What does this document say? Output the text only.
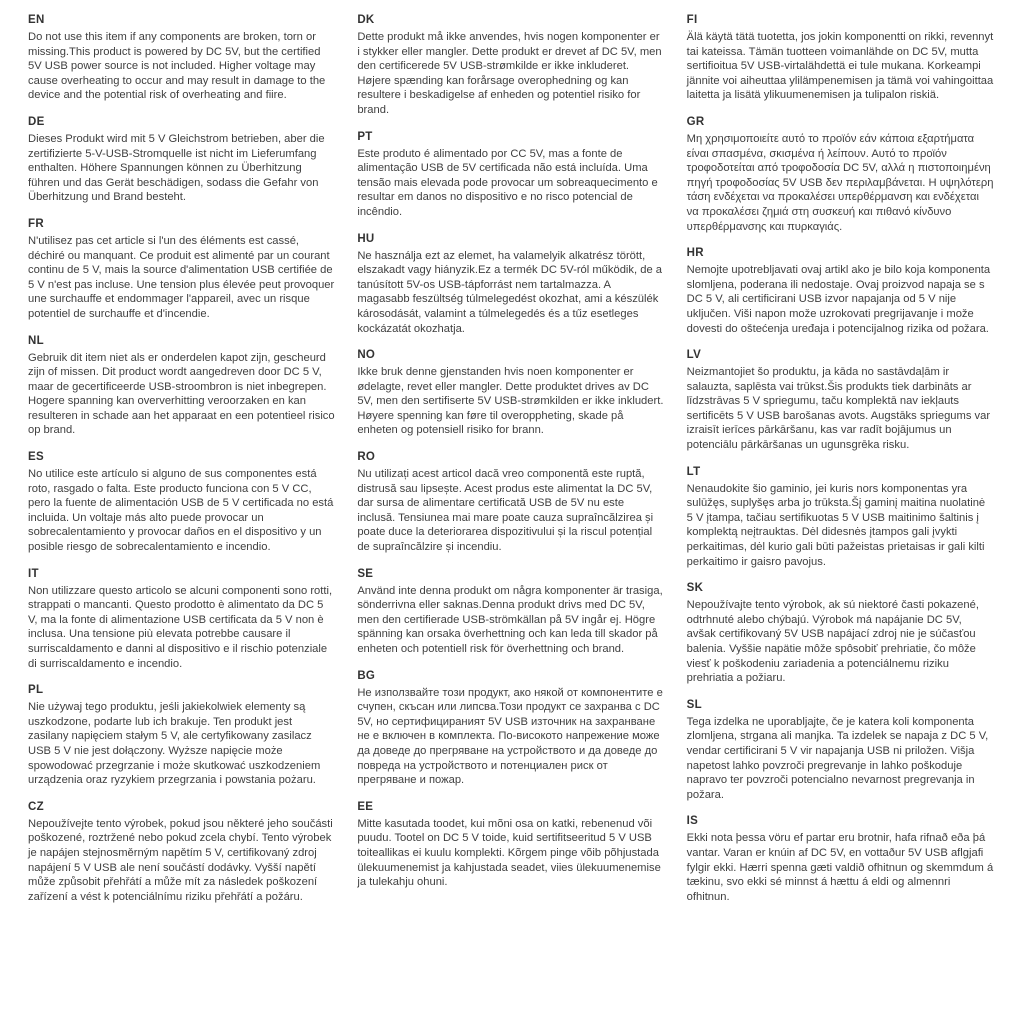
EN

Do not use this item if any components are broken, torn or missing.This product is powered by DC 5V, but the certified 5V USB power source is not included. Higher voltage may cause overheating to occur and may result in damage to the device and the potential risk of overheating and fiire.

DE

Dieses Produkt wird mit 5 V Gleichstrom betrieben, aber die zertifizierte 5-V-USB-Stromquelle ist nicht im Lieferumfang enthalten. Höhere Spannungen können zu Überhitzung führen und das Gerät beschädigen, sodass die Gefahr von Überhitzung und Brand besteht.

FR

N'utilisez pas cet article si l'un des éléments est cassé, déchiré ou manquant. Ce produit est alimenté par un courant continu de 5 V, mais la source d'alimentation USB certifiée de 5 V n'est pas incluse. Une tension plus élevée peut provoquer une surchauffe et endommager l'appareil, avec un risque potentiel de surchauffe et d'incendie.

NL

Gebruik dit item niet als er onderdelen kapot zijn, gescheurd zijn of missen. Dit product wordt aangedreven door DC 5 V, maar de gecertificeerde USB-stroombron is niet inbegrepen. Hogere spanning kan oververhitting veroorzaken en kan resulteren in schade aan het apparaat en een potentieel risico op brand.

ES

No utilice este artículo si alguno de sus componentes está roto, rasgado o falta. Este producto funciona con 5 V CC, pero la fuente de alimentación USB de 5 V certificada no está incluida. Un voltaje más alto puede provocar un sobrecalentamiento y provocar daños en el dispositivo y un posible riesgo de sobrecalentamiento e incendio.

IT

Non utilizzare questo articolo se alcuni componenti sono rotti, strappati o mancanti. Questo prodotto è alimentato da DC 5 V, ma la fonte di alimentazione USB certificata da 5 V non è inclusa. Una tensione più elevata potrebbe causare il surriscaldamento e danni al dispositivo e il rischio potenziale di surriscaldamento e incendio.

PL

Nie używaj tego produktu, jeśli jakiekolwiek elementy są uszkodzone, podarte lub ich brakuje. Ten produkt jest zasilany napięciem stałym 5 V, ale certyfikowany zasilacz USB 5 V nie jest dołączony. Wyższe napięcie może spowodować przegrzanie i może skutkować uszkodzeniem urządzenia oraz ryzykiem przegrzania i powstania pożaru.

CZ

Nepoužívejte tento výrobek, pokud jsou některé jeho součásti poškozené, roztržené nebo pokud zcela chybí. Tento výrobek je napájen stejnosměrným napětím 5 V, certifikovaný zdroj napájení 5 V USB ale není součástí dodávky. Vyšší napětí může způsobit přehřátí a může mít za následek poškození zařízení a vést k potenciálnímu riziku přehřátí a požáru.

DK

Dette produkt må ikke anvendes, hvis nogen komponenter er i stykker eller mangler. Dette produkt er drevet af DC 5V, men den certificerede 5V USB-strømkilde er ikke inkluderet. Højere spænding kan forårsage overophedning og kan resultere i beskadigelse af enheden og potentiel risiko for brand.

PT

Este produto é alimentado por CC 5V, mas a fonte de alimentação USB de 5V certificada não está incluída. Uma tensão mais elevada pode provocar um sobreaquecimento e resultar em danos no dispositivo e no risco potencial de incêndio.

HU

Ne használja ezt az elemet, ha valamelyik alkatrész törött, elszakadt vagy hiányzik.Ez a termék DC 5V-ról működik, de a tanúsított 5V-os USB-tápforrást nem tartalmazza. A magasabb feszültség túlmelegedést okozhat, ami a készülék károsodását, valamint a túlmelegedés és a tűz esetleges kockázatát okozhatja.

NO

Ikke bruk denne gjenstanden hvis noen komponenter er ødelagte, revet eller mangler. Dette produktet drives av DC 5V, men den sertifiserte 5V USB-strømkilden er ikke inkludert. Høyere spenning kan føre til overoppheting, skade på enheten og potensiell risiko for brann.

RO

Nu utilizați acest articol dacă vreo componentă este ruptă, distrusă sau lipsește. Acest produs este alimentat la DC 5V, dar sursa de alimentare certificată USB de 5V nu este inclusă. Tensiunea mai mare poate cauza supraîncălzirea și poate duce la deteriorarea dispozitivului și la riscul potențial de supraîncălzire și incendiu.

SE

Använd inte denna produkt om några komponenter är trasiga, sönderrivna eller saknas.Denna produkt drivs med DC 5V, men den certifierade USB-strömkällan på 5V ingår ej. Högre spänning kan orsaka överhettning och kan leda till skador på enheten och potentiell risk för överhettning och brand.

BG

Не използвайте този продукт, ако някой от компонентите е счупен, скъсан или липсва.Този продукт се захранва с DC 5V, но сертифицираният 5V USB източник на захранване не е включен в комплекта. По-високото напрежение може да доведе до прегряване на устройството и да доведе до повреда на устройството и потенциален риск от прегряване и пожар.

EE

Mitte kasutada toodet, kui mõni osa on katki, rebenenud või puudu. Tootel on DC 5 V toide, kuid sertifitseeritud 5 V USB toiteallikas ei kuulu komplekti. Kõrgem pinge võib põhjustada ülekuumenemist ja kahjustada seadet, viies ülekuumenemise ja tulekahju ohuni.

FI

Älä käytä tätä tuotetta, jos jokin komponentti on rikki, revennyt tai kateissa. Tämän tuotteen voimanlähde on DC 5V, mutta sertifioitua 5V USB-virtalähdettä ei tule mukana. Korkeampi jännite voi aiheuttaa ylilämpenemisen ja tämä voi vahingoittaa laitetta ja lisätä ylikuumenemisen ja tulipalon riskiä.

GR

Μη χρησιμοποιείτε αυτό το προϊόν εάν κάποια εξαρτήματα είναι σπασμένα, σκισμένα ή λείπουν. Αυτό το προϊόν τροφοδοτείται από τροφοδοσία DC 5V, αλλά η πιστοποιημένη πηγή τροφοδοσίας 5V USB δεν περιλαμβάνεται. Η υψηλότερη τάση ενδέχεται να προκαλέσει υπερθέρμανση και ενδέχεται να προκαλέσει ζημιά στη συσκευή και πιθανό κίνδυνο υπερθέρμανσης και πυρκαγιάς.

HR

Nemojte upotrebljavati ovaj artikl ako je bilo koja komponenta slomljena, poderana ili nedostaje. Ovaj proizvod napaja se s DC 5 V, ali certificirani USB izvor napajanja od 5 V nije uključen. Viši napon može uzrokovati pregrijavanje i može dovesti do oštećenja uređaja i potencijalnog rizika od požara.

LV

Neizmantojiet šo produktu, ja kāda no sastāvdaļām ir salauzta, saplēsta vai trūkst.Šis produkts tiek darbināts ar līdzstrāvas 5 V spriegumu, taču komplektā nav iekļauts sertificēts 5 V USB barošanas avots. Augstāks spriegums var izraisīt ierīces pārkāršanu, kas var radīt bojājumus un potenciālu pārkāršanas un ugunsgrēka risku.

LT

Nenaudokite šio gaminio, jei kuris nors komponentas yra sulūžęs, suplyšęs arba jo trūksta.Šį gaminį maitina nuolatinė 5 V įtampa, tačiau sertifikuotas 5 V USB maitinimo šaltinis į komplektą neįtrauktas. Dėl didesnės įtampos gali įvykti perkaitimas, dėl kurio gali būti pažeistas prietaisas ir gali kilti perkaitimo ir gaisro pavojus.

SK

Nepoužívajte tento výrobok, ak sú niektoré časti pokazené, odtrhnuté alebo chýbajú. Výrobok má napájanie DC 5V, avšak certifikovaný 5V USB napájací zdroj nie je súčasťou balenia. Vyššie napätie môže spôsobiť prehriatie, čo môže viesť k poškodeniu zariadenia a potenciálnemu riziku prehriatia a požiaru.

SL

Tega izdelka ne uporabljajte, če je katera koli komponenta zlomljena, strgana ali manjka. Ta izdelek se napaja z DC 5 V, vendar certificirani 5 V vir napajanja USB ni priložen. Višja napetost lahko povzroči pregrevanje in lahko poškoduje napravo ter povzroči potencialno nevarnost pregrevanja in požara.

IS

Ekki nota þessa vöru ef partar eru brotnir, hafa rifnað eða þá vantar. Varan er knúin af DC 5V, en vottaður 5V USB aflgjafi fylgir ekki. Hærri spenna gæti valdið ofhitnun og skemmdum á tækinu, svo ekki sé minnst á hættu á eldi og almennri ofhitnun.
